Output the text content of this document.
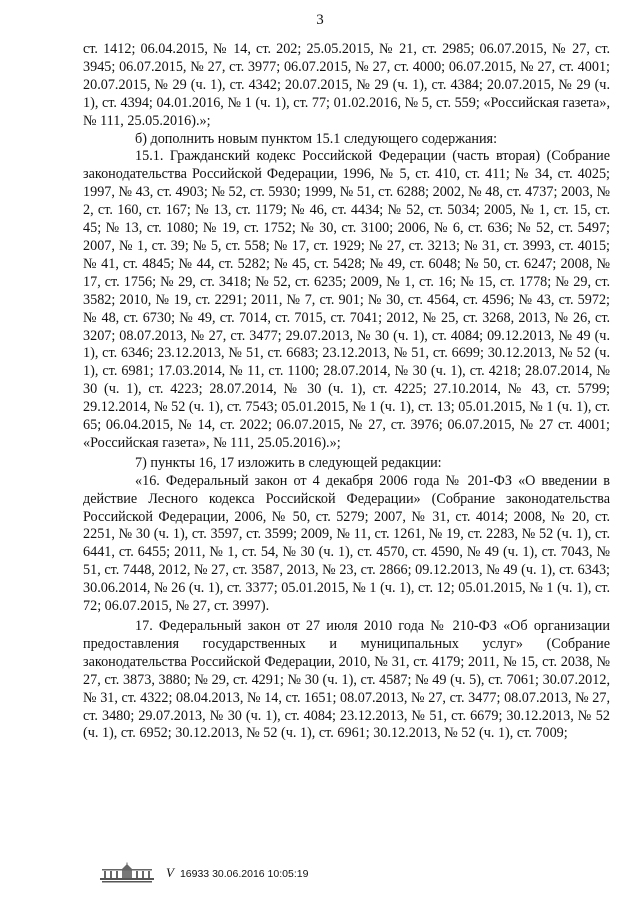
3

ст. 1412; 06.04.2015, № 14, ст. 202; 25.05.2015, № 21, ст. 2985; 06.07.2015, № 27, ст. 3945; 06.07.2015, № 27, ст. 3977; 06.07.2015, № 27, ст. 4000; 06.07.2015, № 27, ст. 4001; 20.07.2015, № 29 (ч. 1), ст. 4342; 20.07.2015, № 29 (ч. 1), ст. 4384; 20.07.2015, № 29 (ч. 1), ст. 4394; 04.01.2016, № 1 (ч. 1), ст. 77; 01.02.2016, № 5, ст. 559; «Российская газета», № 111, 25.05.2016).»;

б) дополнить новым пунктом 15.1 следующего содержания:

15.1. Гражданский кодекс Российской Федерации (часть вторая) (Собрание законодательства Российской Федерации, 1996, № 5, ст. 410, ст. 411; № 34, ст. 4025; 1997, № 43, ст. 4903; № 52, ст. 5930; 1999, № 51, ст. 6288; 2002, № 48, ст. 4737; 2003, № 2, ст. 160, ст. 167; № 13, ст. 1179; № 46, ст. 4434; № 52, ст. 5034; 2005, № 1, ст. 15, ст. 45; № 13, ст. 1080; № 19, ст. 1752; № 30, ст. 3100; 2006, № 6, ст. 636; № 52, ст. 5497; 2007, № 1, ст. 39; № 5, ст. 558; № 17, ст. 1929; № 27, ст. 3213; № 31, ст. 3993, ст. 4015; № 41, ст. 4845; № 44, ст. 5282; № 45, ст. 5428; № 49, ст. 6048; № 50, ст. 6247; 2008, № 17, ст. 1756; № 29, ст. 3418; № 52, ст. 6235; 2009, № 1, ст. 16; № 15, ст. 1778; № 29, ст. 3582; 2010, № 19, ст. 2291; 2011, № 7, ст. 901; № 30, ст. 4564, ст. 4596; № 43, ст. 5972; № 48, ст. 6730; № 49, ст. 7014, ст. 7015, ст. 7041; 2012, № 25, ст. 3268, 2013, № 26, ст. 3207; 08.07.2013, № 27, ст. 3477; 29.07.2013, № 30 (ч. 1), ст. 4084; 09.12.2013, № 49 (ч. 1), ст. 6346; 23.12.2013, № 51, ст. 6683; 23.12.2013, № 51, ст. 6699; 30.12.2013, № 52 (ч. 1), ст. 6981; 17.03.2014, № 11, ст. 1100; 28.07.2014, № 30 (ч. 1), ст. 4218; 28.07.2014, № 30 (ч. 1), ст. 4223; 28.07.2014, № 30 (ч. 1), ст. 4225; 27.10.2014, № 43, ст. 5799; 29.12.2014, № 52 (ч. 1), ст. 7543; 05.01.2015, № 1 (ч. 1), ст. 13; 05.01.2015, № 1 (ч. 1), ст. 65; 06.04.2015, № 14, ст. 2022; 06.07.2015, № 27, ст. 3976; 06.07.2015, № 27 ст. 4001; «Российская газета», № 111, 25.05.2016).»;

7) пункты 16, 17 изложить в следующей редакции:

«16. Федеральный закон от 4 декабря 2006 года № 201-ФЗ «О введении в действие Лесного кодекса Российской Федерации» (Собрание законодательства Российской Федерации, 2006, № 50, ст. 5279; 2007, № 31, ст. 4014; 2008, № 20, ст. 2251, № 30 (ч. 1), ст. 3597, ст. 3599; 2009, № 11, ст. 1261, № 19, ст. 2283, № 52 (ч. 1), ст. 6441, ст. 6455; 2011, № 1, ст. 54, № 30 (ч. 1), ст. 4570, ст. 4590, № 49 (ч. 1), ст. 7043, № 51, ст. 7448, 2012, № 27, ст. 3587, 2013, № 23, ст. 2866; 09.12.2013, № 49 (ч. 1), ст. 6343; 30.06.2014, № 26 (ч. 1), ст. 3377; 05.01.2015, № 1 (ч. 1), ст. 12; 05.01.2015, № 1 (ч. 1), ст. 72; 06.07.2015, № 27, ст. 3997).

17. Федеральный закон от 27 июля 2010 года № 210-ФЗ «Об организации предоставления государственных и муниципальных услуг» (Собрание законодательства Российской Федерации, 2010, № 31, ст. 4179; 2011, № 15, ст. 2038, № 27, ст. 3873, 3880; № 29, ст. 4291; № 30 (ч. 1), ст. 4587; № 49 (ч. 5), ст. 7061; 30.07.2012, № 31, ст. 4322; 08.04.2013, № 14, ст. 1651; 08.07.2013, № 27, ст. 3477; 08.07.2013, № 27, ст. 3480; 29.07.2013, № 30 (ч. 1), ст. 4084; 23.12.2013, № 51, ст. 6679; 30.12.2013, № 52 (ч. 1), ст. 6952; 30.12.2013, № 52 (ч. 1), ст. 6961; 30.12.2013, № 52 (ч. 1), ст. 7009;

V 16933 30.06.2016 10:05:19
